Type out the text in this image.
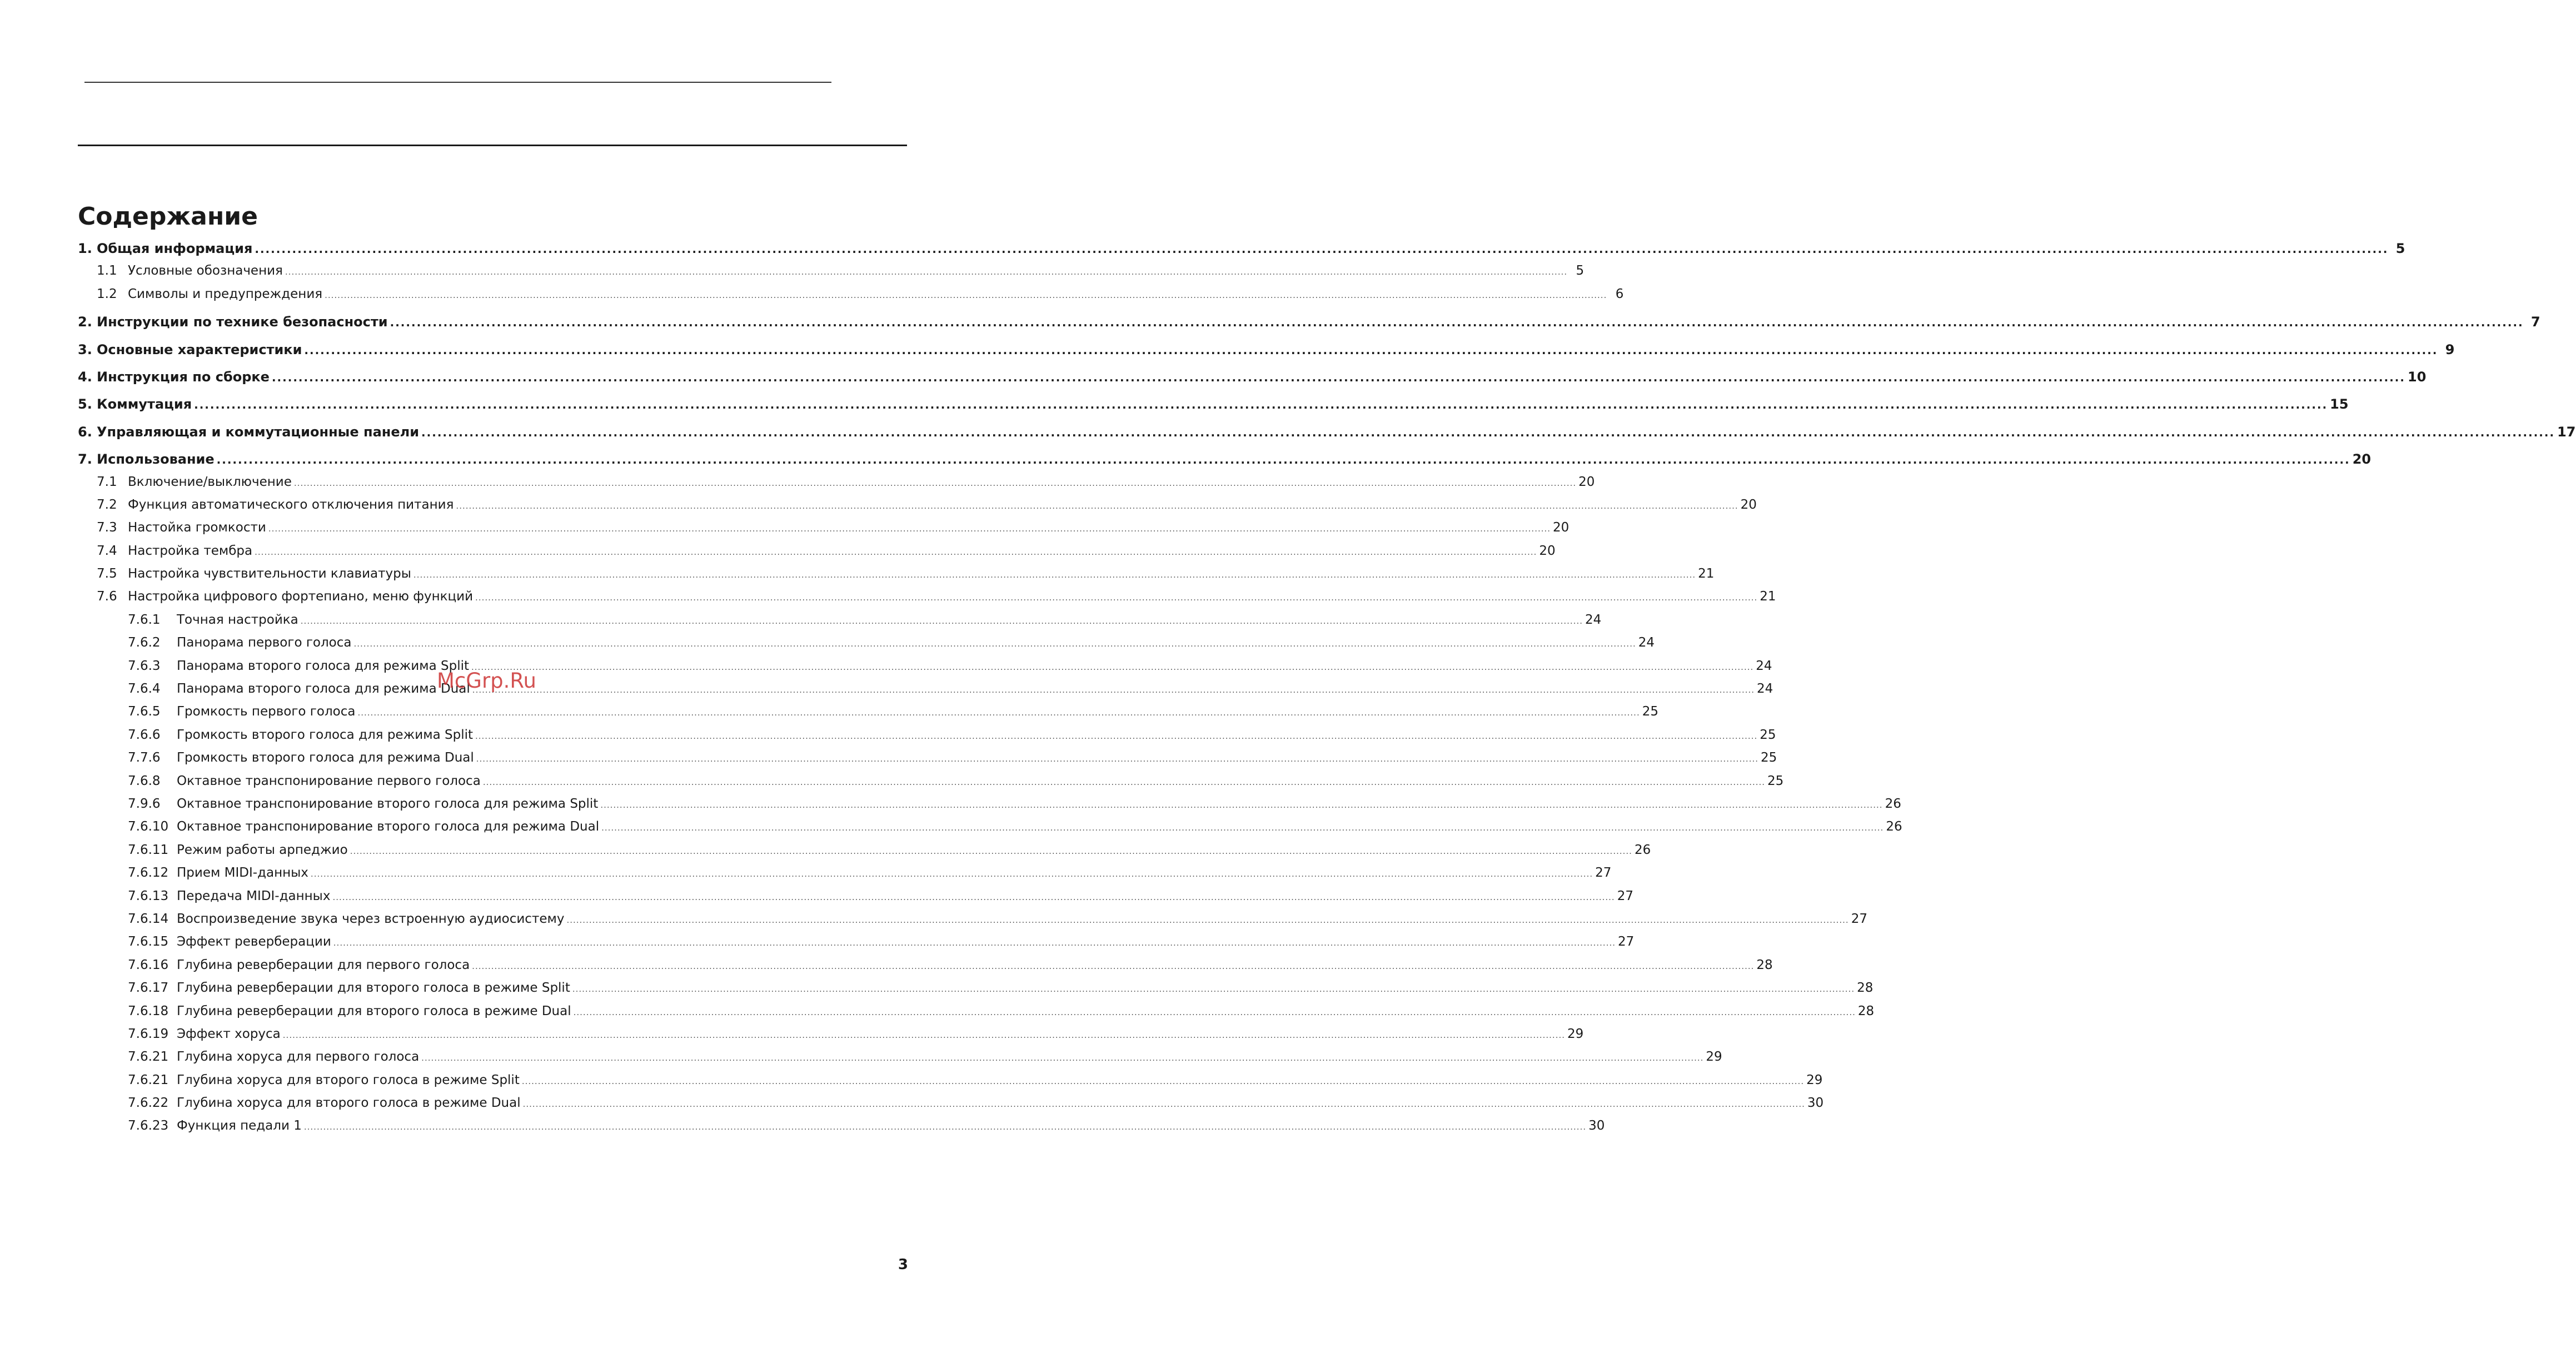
Содержание
1. Общая информация ................................................................................................................................................................................................................................................................................................................................................................................................................ 5
1.1 Условные обозначения ................................................................................................................................................................................................................................................................................................................................................................................................................ 5
1.2 Символы и предупреждения ................................................................................................................................................................................................................................................................................................................................................................................................................ 6
2. Инструкции по технике безопасности ................................................................................................................................................................................................................................................................................................................................................................................................................ 7
3. Основные характеристики ................................................................................................................................................................................................................................................................................................................................................................................................................ 9
4. Инструкция по сборке ................................................................................................................................................................................................................................................................................................................................................................................................................ 10
5. Коммутация ................................................................................................................................................................................................................................................................................................................................................................................................................ 15
6. Управляющая и коммутационные панели ................................................................................................................................................................................................................................................................................................................................................................................................................ 17
7. Использование ................................................................................................................................................................................................................................................................................................................................................................................................................ 20
7.1 Включение/выключение ................................................................................................................................................................................................................................................................................................................................................................................................................ 20
7.2 Функция автоматического отключения питания ................................................................................................................................................................................................................................................................................................................................................................................................................ 20
7.3 Настойка громкости ................................................................................................................................................................................................................................................................................................................................................................................................................ 20
7.4 Настройка тембра ................................................................................................................................................................................................................................................................................................................................................................................................................ 20
7.5 Настройка чувствительности клавиатуры ................................................................................................................................................................................................................................................................................................................................................................................................................ 21
7.6 Настройка цифрового фортепиано, меню функций ................................................................................................................................................................................................................................................................................................................................................................................................................ 21
7.6.1	Точная настройка ................................................................................................................................................................................................................................................................................................................................................................................................................ 24
7.6.2	Панорама первого голоса ................................................................................................................................................................................................................................................................................................................................................................................................................ 24
7.6.3	Панорама второго голоса для режима Split ................................................................................................................................................................................................................................................................................................................................................................................................................ 24
7.6.4	Панорама второго голоса для режима Dual ................................................................................................................................................................................................................................................................................................................................................................................................................ 24
7.6.5	Громкость первого голоса ................................................................................................................................................................................................................................................................................................................................................................................................................ 25
7.6.6	Громкость второго голоса для режима Split ................................................................................................................................................................................................................................................................................................................................................................................................................ 25
7.7.6	Громкость второго голоса для режима Dual ................................................................................................................................................................................................................................................................................................................................................................................................................ 25
7.6.8	Октавное транспонирование первого голоса ................................................................................................................................................................................................................................................................................................................................................................................................................ 25
7.9.6	Октавное транспонирование второго голоса для режима Split ................................................................................................................................................................................................................................................................................................................................................................................................................ 26
7.6.10 Октавное транспонирование второго голоса для режима Dual ................................................................................................................................................................................................................................................................................................................................................................................................................ 26
7.6.11 Режим работы арпеджио ................................................................................................................................................................................................................................................................................................................................................................................................................ 26
7.6.12 Прием MIDI-данных ................................................................................................................................................................................................................................................................................................................................................................................................................ 27
7.6.13 Передача MIDI-данных ................................................................................................................................................................................................................................................................................................................................................................................................................ 27
7.6.14 Воспроизведение звука через встроенную аудиосистему ................................................................................................................................................................................................................................................................................................................................................................................................................ 27
7.6.15 Эффект реверберации ................................................................................................................................................................................................................................................................................................................................................................................................................ 27
7.6.16 Глубина реверберации для первого голоса ................................................................................................................................................................................................................................................................................................................................................................................................................ 28
7.6.17 Глубина реверберации для второго голоса в режиме Split ................................................................................................................................................................................................................................................................................................................................................................................................................ 28
7.6.18 Глубина реверберации для второго голоса в режиме Dual ................................................................................................................................................................................................................................................................................................................................................................................................................ 28
7.6.19 Эффект хоруса ................................................................................................................................................................................................................................................................................................................................................................................................................ 29
7.6.21 Глубина хоруса для первого голоса ................................................................................................................................................................................................................................................................................................................................................................................................................ 29
7.6.21 Глубина хоруса для второго голоса в режиме Split ................................................................................................................................................................................................................................................................................................................................................................................................................ 29
7.6.22 Глубина хоруса для второго голоса в режиме Dual ................................................................................................................................................................................................................................................................................................................................................................................................................ 30
7.6.23 Функция педали 1 ................................................................................................................................................................................................................................................................................................................................................................................................................ 30
McGrp.Ru
3
